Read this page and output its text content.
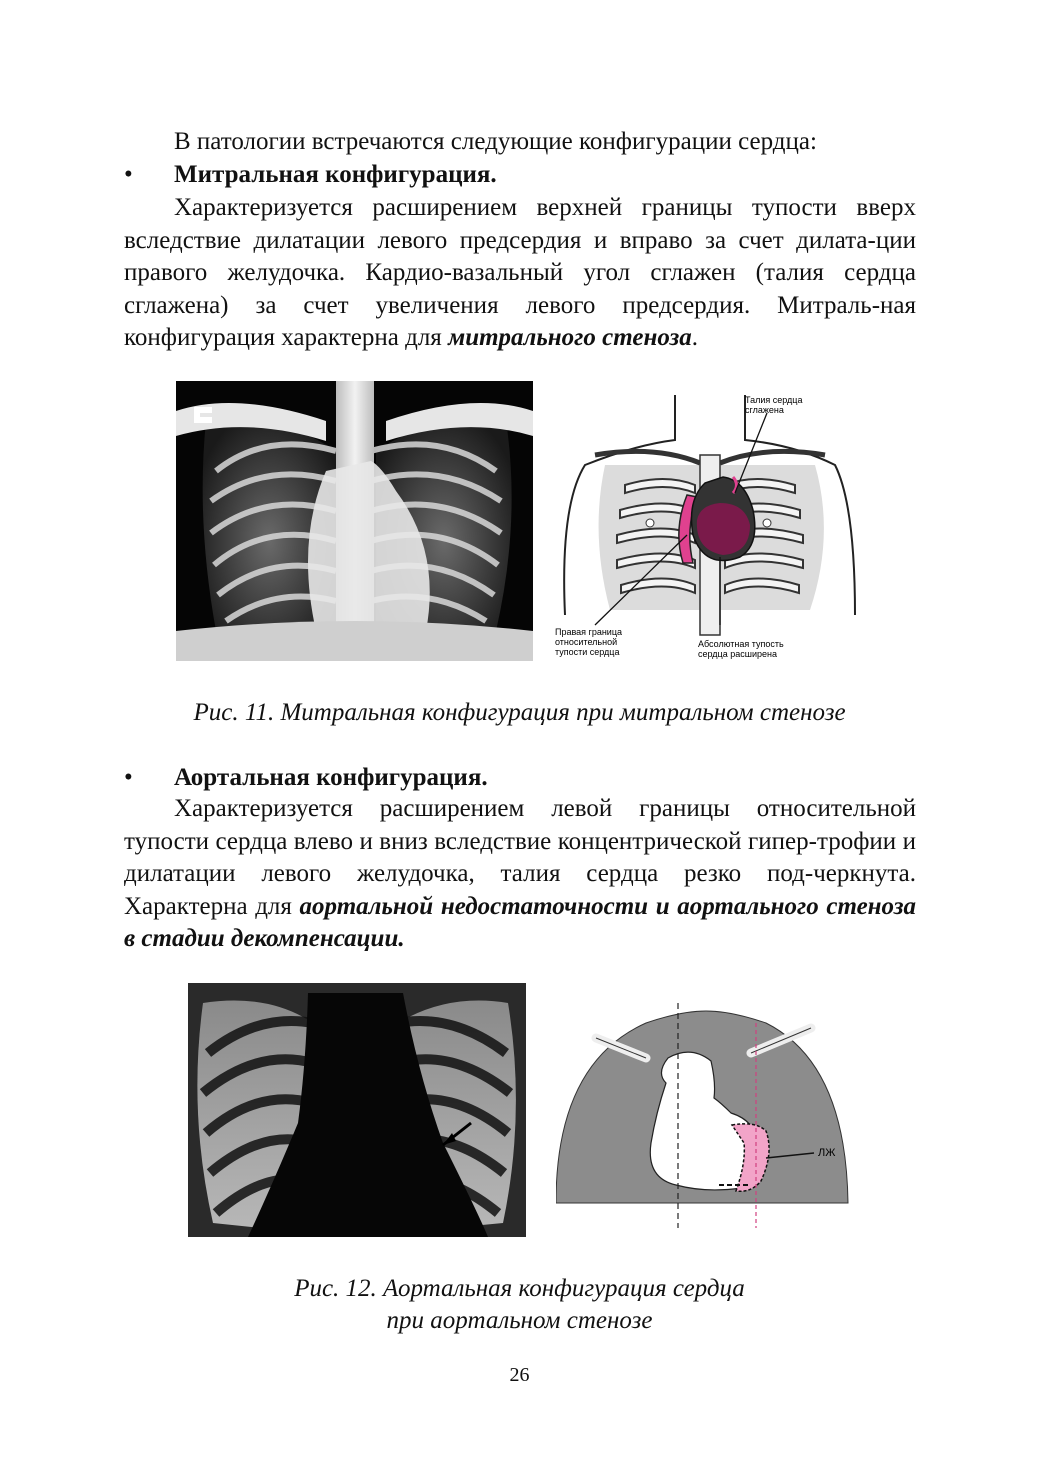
В патологии встречаются следующие конфигурации сердца:
• Митральная конфигурация.
Характеризуется расширением верхней границы тупости вверх вследствие дилатации левого предсердия и вправо за счет дилата-ции правого желудочка. Кардио-вазальный угол сглажен (талия сердца сглажена) за счет увеличения левого предсердия. Митраль-ная конфигурация характерна для митрального стеноза.
Талия сердца сглажена
Правая граница относительной тупости сердца
Абсолютная тупость сердца расширена
Рис. 11. Митральная конфигурация при митральном стенозе
• Аортальная конфигурация.
Характеризуется расширением левой границы относительной тупости сердца влево и вниз вследствие концентрической гипер-трофии и дилатации левого желудочка, талия сердца резко под-черкнута. Характерна для аортальной недостаточности и аортального стеноза в стадии декомпенсации.
ЛЖ
Рис. 12. Аортальная конфигурация сердца
при аортальном стенозе
26
